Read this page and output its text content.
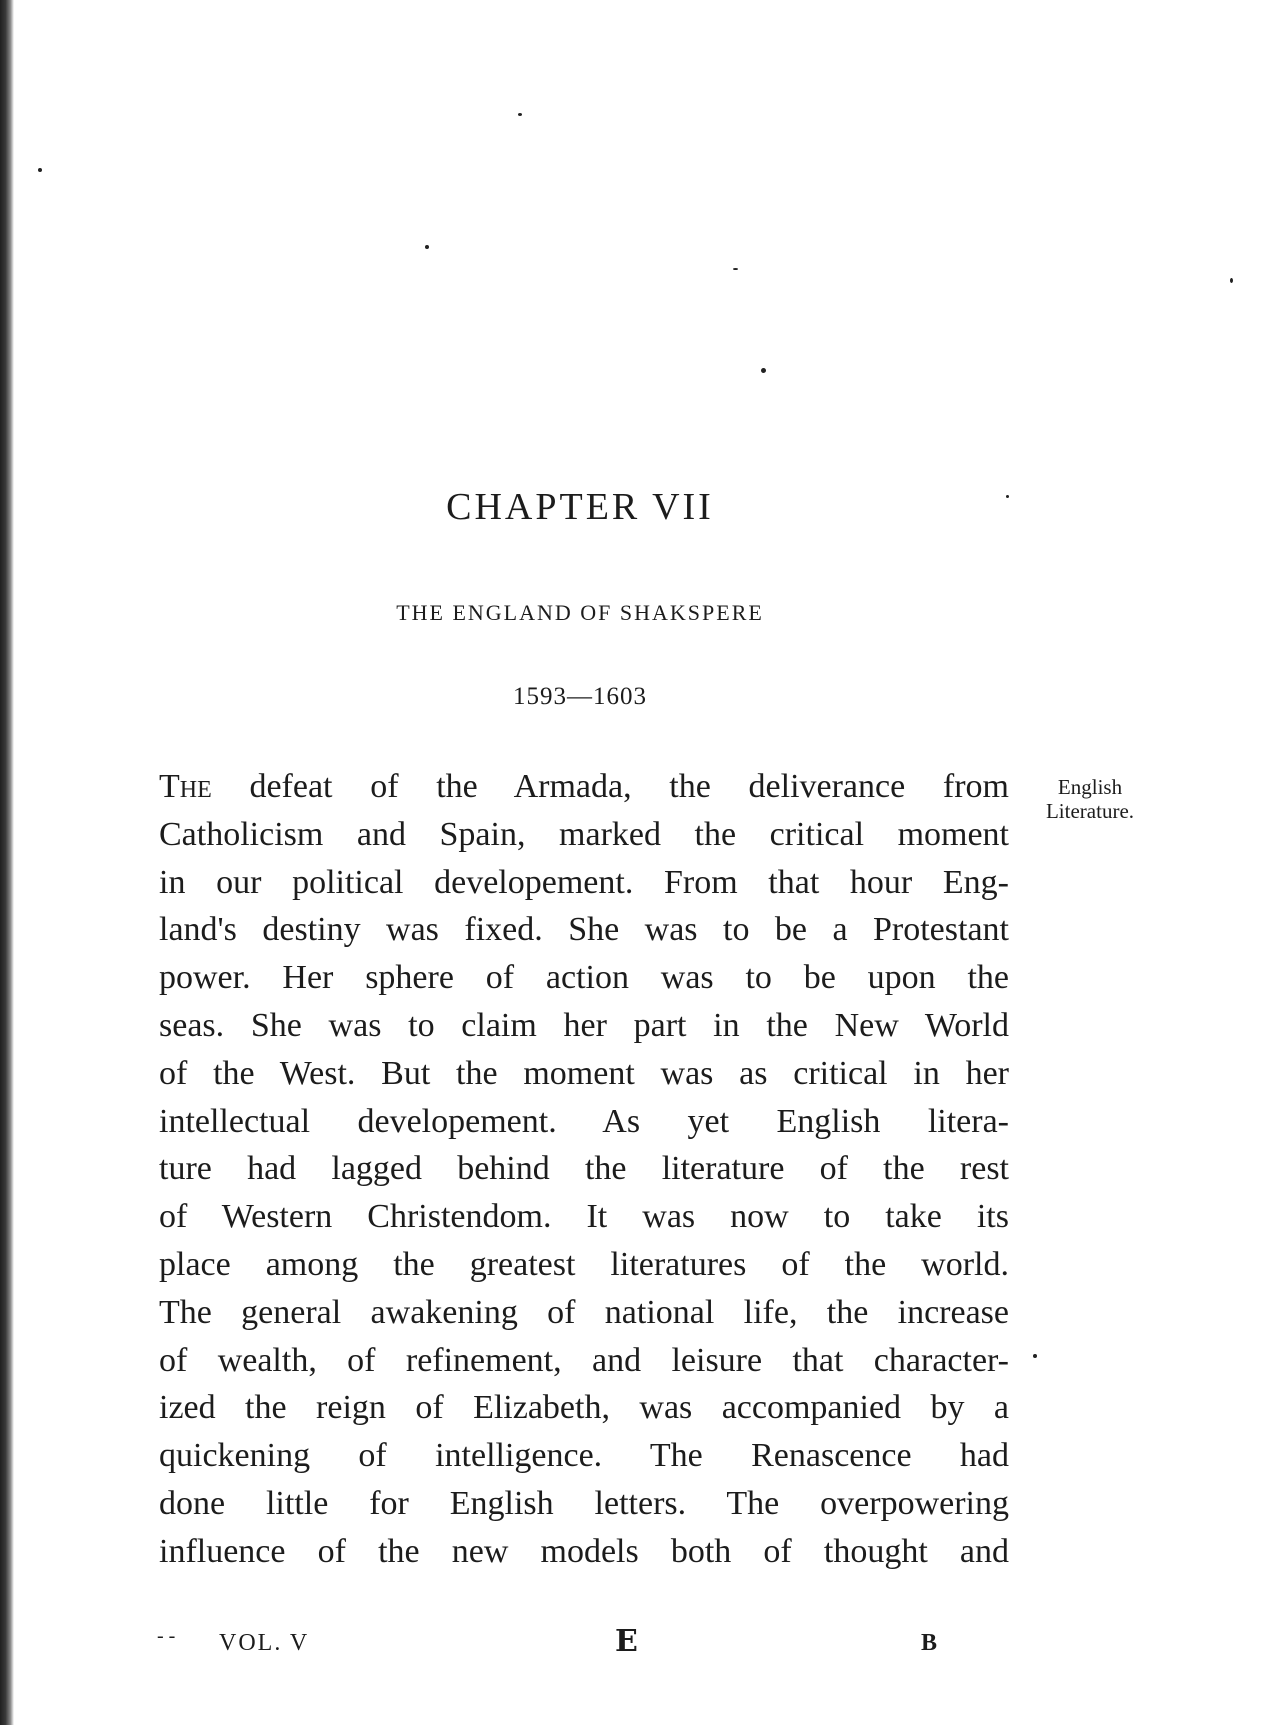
CHAPTER VII
THE ENGLAND OF SHAKSPERE
1593—1603
English
Literature.
The defeat of the Armada, the deliverance from
Catholicism and Spain, marked the critical moment
in our political developement. From that hour Eng-
land's destiny was fixed. She was to be a Protestant
power. Her sphere of action was to be upon the
seas. She was to claim her part in the New World
of the West. But the moment was as critical in her
intellectual developement. As yet English litera-
ture had lagged behind the literature of the rest
of Western Christendom. It was now to take its
place among the greatest literatures of the world.
The general awakening of national life, the increase
of wealth, of refinement, and leisure that character-
ized the reign of Elizabeth, was accompanied by a
quickening of intelligence. The Renascence had
done little for English letters. The overpowering
influence of the new models both of thought and
‐ ‐ VOL. V	E	B
